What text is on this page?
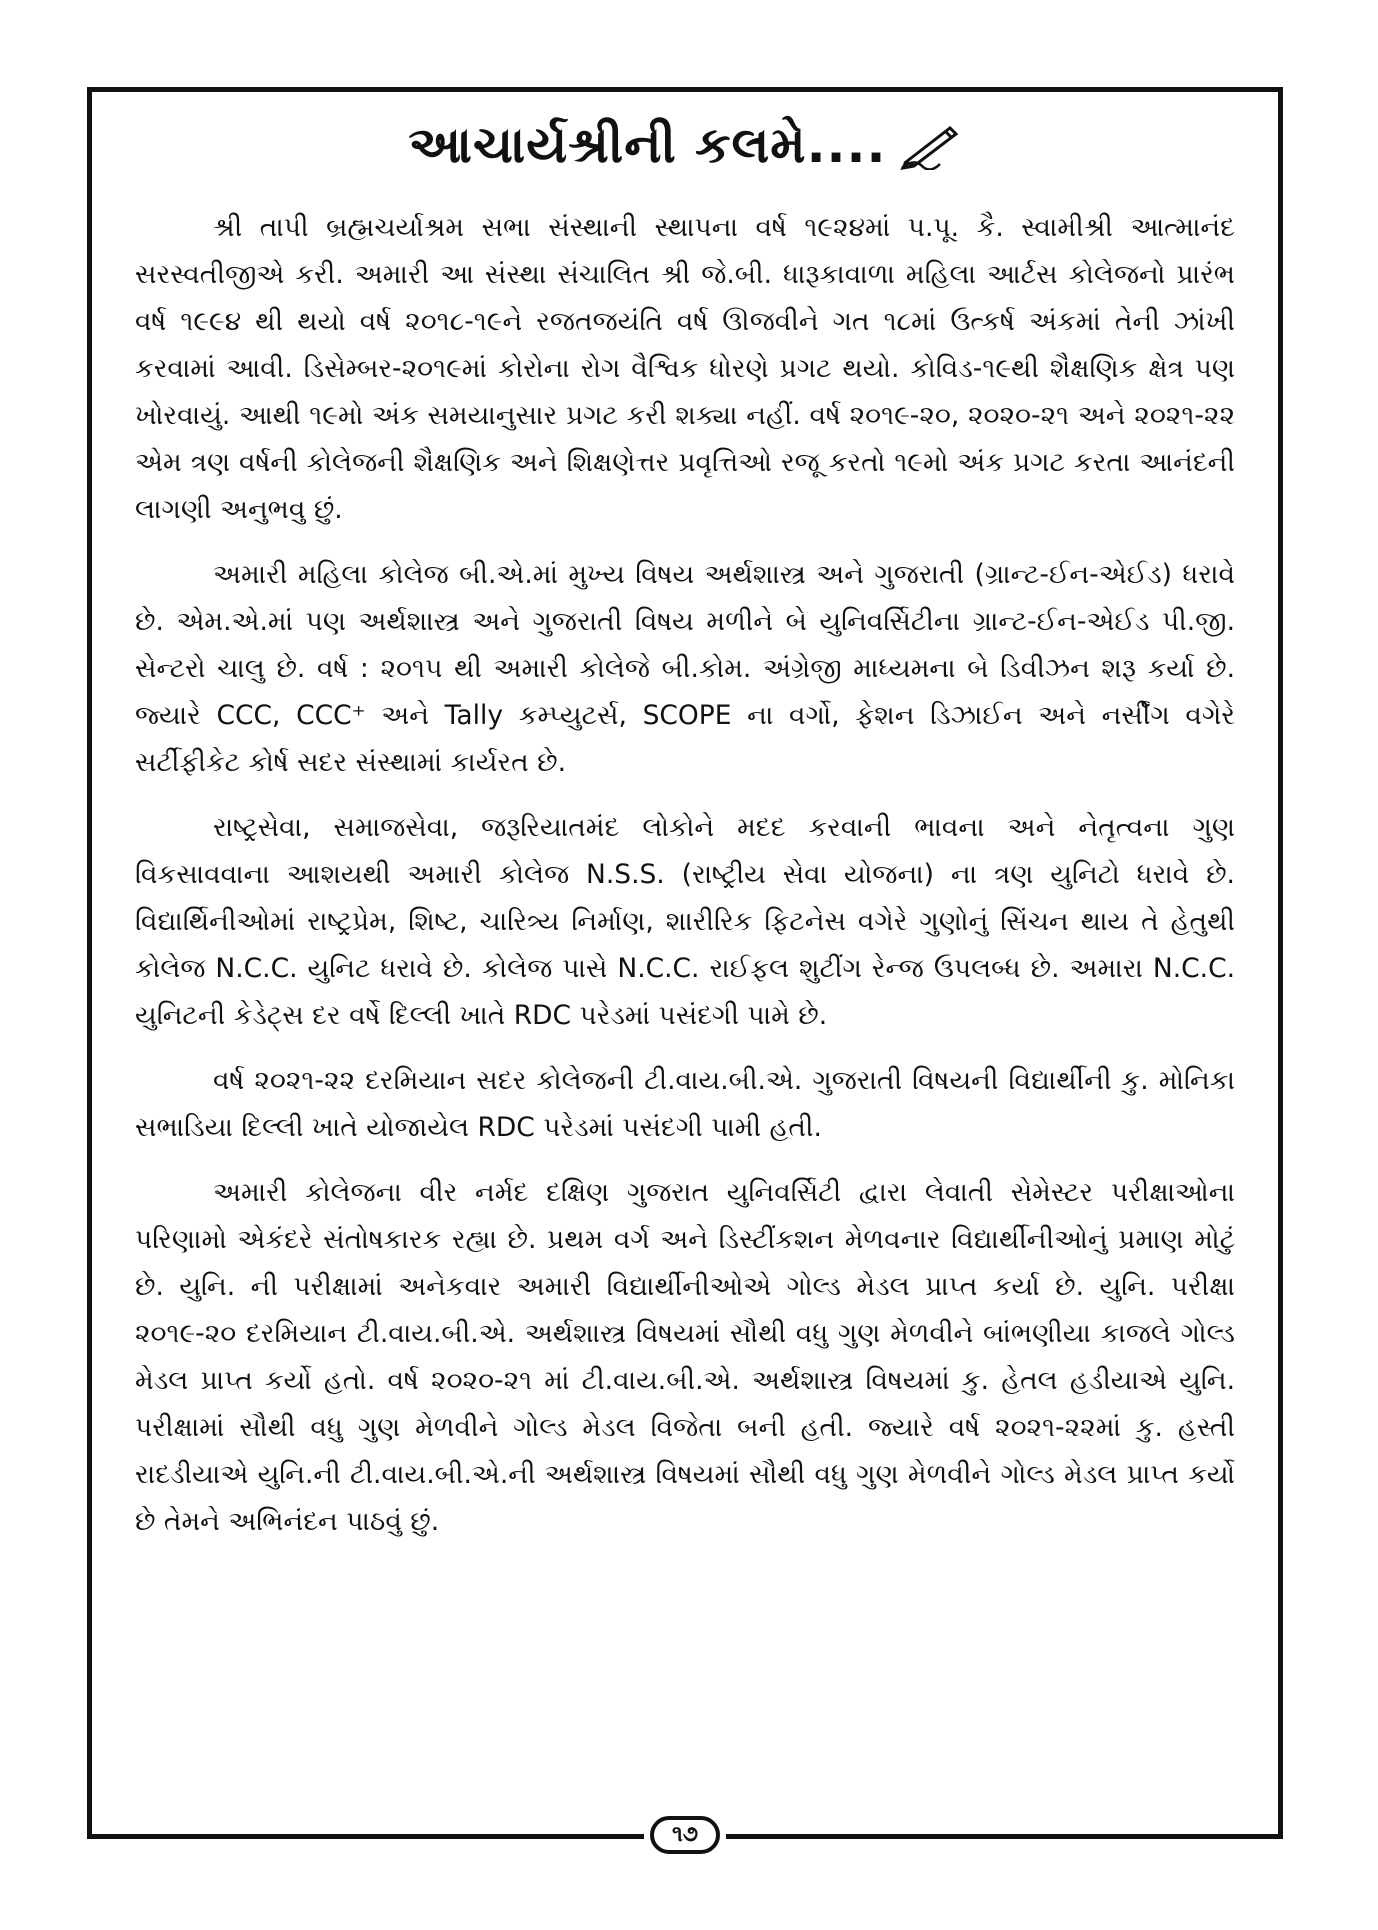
આચાર્યશ્રીની કલમે....

શ્રી તાપી બ્રહ્મચર્યાશ્રમ સભા સંસ્થાની સ્થાપના વર્ષ ૧૯૨૪માં પ.પૂ. કૈ. સ્વામીશ્રી આત્માનંદ સરસ્વતીજીએ કરી. અમારી આ સંસ્થા સંચાલિત શ્રી જે.બી. ધારૂકાવાળા મહિલા આર્ટસ કોલેજનો પ્રારંભ વર્ષ ૧૯૯૪ થી થયો વર્ષ ૨૦૧૮-૧૯ને રજતજયંતિ વર્ષ ઊજવીને ગત ૧૮માં ઉત્કર્ષ અંકમાં તેની ઝાંખી કરવામાં આવી. ડિસેમ્બર-૨૦૧૯માં કોરોના રોગ વૈશ્વિક ધોરણે પ્રગટ થયો. કોવિડ-૧૯થી શૈક્ષણિક ક્ષેત્ર પણ ખોરવાયું. આથી ૧૯મો અંક સમયાનુસાર પ્રગટ કરી શક્યા નહીં. વર્ષ ૨૦૧૯-૨૦, ૨૦૨૦-૨૧ અને ૨૦૨૧-૨૨ એમ ત્રણ વર્ષની કોલેજની શૈક્ષણિક અને શિક્ષણેત્તર પ્રવૃત્તિઓ રજૂ કરતો ૧૯મો અંક પ્રગટ કરતા આનંદની લાગણી અનુભવુ છું.

અમારી મહિલા કોલેજ બી.એ.માં મુખ્ય વિષય અર્થશાસ્ત્ર અને ગુજરાતી (ગ્રાન્ટ-ઈન-એઈડ) ધરાવે છે. એમ.એ.માં પણ અર્થશાસ્ત્ર અને ગુજરાતી વિષય મળીને બે યુનિવર્સિટીના ગ્રાન્ટ-ઈન-એઈડ પી.જી. સેન્ટરો ચાલુ છે. વર્ષ : ૨૦૧૫ થી અમારી કોલેજે બી.કોમ. અંગ્રેજી માધ્યમના બે ડિવીઝન શરૂ કર્યા છે. જ્યારે CCC, CCC⁺ અને Tally કમ્પ્યુટર્સ, SCOPE ના વર્ગો, ફેશન ડિઝાઈન અને નર્સીંગ વગેરે સર્ટીફીકેટ કોર્ષ સદર સંસ્થામાં કાર્યરત છે.

રાષ્ટ્રસેવા, સમાજસેવા, જરૂરિયાતમંદ લોકોને મદદ કરવાની ભાવના અને નેતૃત્વના ગુણ વિકસાવવાના આશયથી અમારી કોલેજ N.S.S. (રાષ્ટ્રીય સેવા યોજના) ના ત્રણ યુનિટો ધરાવે છે. વિદ્યાર્થિનીઓમાં રાષ્ટ્રપ્રેમ, શિષ્ટ, ચારિત્ર્ય નિર્માણ, શારીરિક ફિટનેસ વગેરે ગુણોનું સિંચન થાય તે હેતુથી કોલેજ N.C.C. યુનિટ ધરાવે છે. કોલેજ પાસે N.C.C. રાઈફલ શુટીંગ રેન્જ ઉપલબ્ધ છે. અમારા N.C.C. યુનિટની કેડેટ્સ દર વર્ષે દિલ્લી ખાતે RDC પરેડમાં પસંદગી પામે છે.

વર્ષ ૨૦૨૧-૨૨ દરમિયાન સદર કોલેજની ટી.વાય.બી.એ. ગુજરાતી વિષયની વિદ્યાર્થીની કુ. મોનિકા સભાડિયા દિલ્લી ખાતે યોજાયેલ RDC પરેડમાં પસંદગી પામી હતી.

અમારી કોલેજના વીર નર્મદ દક્ષિણ ગુજરાત યુનિવર્સિટી દ્વારા લેવાતી સેમેસ્ટર પરીક્ષાઓના પરિણામો એકંદરે સંતોષકારક રહ્યા છે. પ્રથમ વર્ગ અને ડિસ્ટીંકશન મેળવનાર વિદ્યાર્થીનીઓનું પ્રમાણ મોટું છે. યુનિ. ની પરીક્ષામાં અનેકવાર અમારી વિદ્યાર્થીનીઓએ ગોલ્ડ મેડલ પ્રાપ્ત કર્યા છે. યુનિ. પરીક્ષા ૨૦૧૯-૨૦ દરમિયાન ટી.વાય.બી.એ. અર્થશાસ્ત્ર વિષયમાં સૌથી વધુ ગુણ મેળવીને બાંભણીયા કાજલે ગોલ્ડ મેડલ પ્રાપ્ત કર્યો હતો. વર્ષ ૨૦૨૦-૨૧ માં ટી.વાય.બી.એ. અર્થશાસ્ત્ર વિષયમાં કુ. હેતલ હડીયાએ યુનિ. પરીક્ષામાં સૌથી વધુ ગુણ મેળવીને ગોલ્ડ મેડલ વિજેતા બની હતી. જ્યારે વર્ષ ૨૦૨૧-૨૨માં કુ. હસ્તી રાદડીયાએ યુનિ.ની ટી.વાય.બી.એ.ની અર્થશાસ્ત્ર વિષયમાં સૌથી વધુ ગુણ મેળવીને ગોલ્ડ મેડલ પ્રાપ્ત કર્યો છે તેમને અભિનંદન પાઠવું છું.

૧૭
